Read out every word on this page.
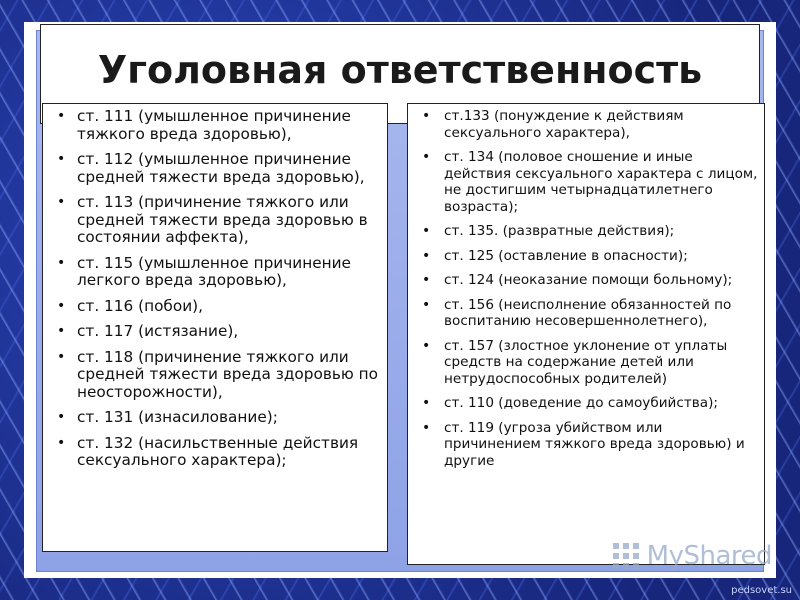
Уголовная ответственность
• ст. 111 (умышленное причинение тяжкого вреда здоровью),
• ст. 112 (умышленное причинение средней тяжести вреда здоровью),
• ст. 113 (причинение тяжкого или средней тяжести вреда здоровью в состоянии аффекта),
• ст. 115 (умышленное причинение легкого вреда здоровью),
• ст. 116 (побои),
• ст. 117 (истязание),
• ст. 118 (причинение тяжкого или средней тяжести вреда здоровью по неосторожности),
• ст. 131 (изнасилование);
• ст. 132 (насильственные действия сексуального характера);
• ст.133 (понуждение к действиям сексуального характера),
• ст. 134 (половое сношение и иные действия сексуального характера с лицом, не достигшим четырнадцатилетнего возраста);
• ст. 135. (развратные действия);
• ст. 125 (оставление в опасности);
• ст. 124 (неоказание помощи больному);
• ст. 156 (неисполнение обязанностей по воспитанию несовершеннолетнего),
• ст. 157 (злостное уклонение от уплаты средств на содержание детей или нетрудоспособных родителей)
• ст. 110 (доведение до самоубийства);
• ст. 119 (угроза убийством или причинением тяжкого вреда здоровью) и другие
MyShared
pedsovet.su
